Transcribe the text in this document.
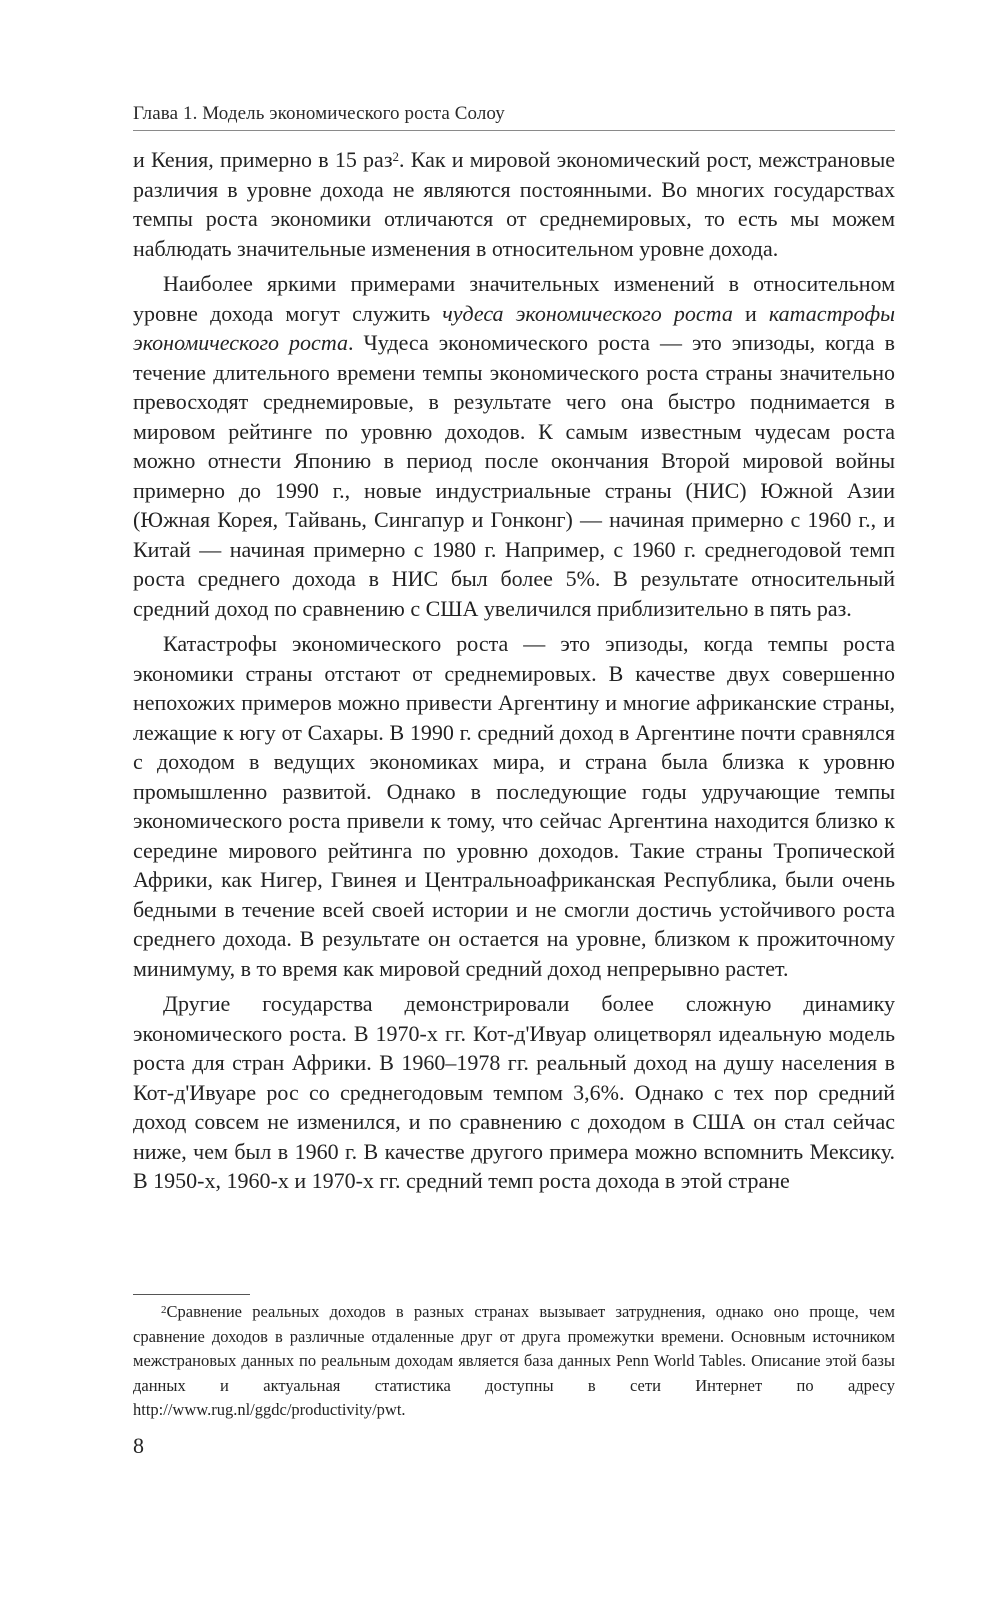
Глава 1. Модель экономического роста Солоу

и Кения, примерно в 15 раз$^2$. Как и мировой экономический рост, межстрановые различия в уровне дохода не являются постоянными. Во многих государствах темпы роста экономики отличаются от среднемировых, то есть мы можем наблюдать значительные изменения в относительном уровне дохода.

Наиболее яркими примерами значительных изменений в относительном уровне дохода могут служить чудеса экономического роста и катастрофы экономического роста. Чудеса экономического роста — это эпизоды, когда в течение длительного времени темпы экономического роста страны значительно превосходят среднемировые, в результате чего она быстро поднимается в мировом рейтинге по уровню доходов. К самым известным чудесам роста можно отнести Японию в период после окончания Второй мировой войны примерно до 1990 г., новые индустриальные страны (НИС) Южной Азии (Южная Корея, Тайвань, Сингапур и Гонконг) — начиная примерно с 1960 г., и Китай — начиная примерно с 1980 г. Например, с 1960 г. среднегодовой темп роста среднего дохода в НИС был более 5%. В результате относительный средний доход по сравнению с США увеличился приблизительно в пять раз.

Катастрофы экономического роста — это эпизоды, когда темпы роста экономики страны отстают от среднемировых. В качестве двух совершенно непохожих примеров можно привести Аргентину и многие африканские страны, лежащие к югу от Сахары. В 1990 г. средний доход в Аргентине почти сравнялся с доходом в ведущих экономиках мира, и страна была близка к уровню промышленно развитой. Однако в последующие годы удручающие темпы экономического роста привели к тому, что сейчас Аргентина находится близко к середине мирового рейтинга по уровню доходов. Такие страны Тропической Африки, как Нигер, Гвинея и Центральноафриканская Республика, были очень бедными в течение всей своей истории и не смогли достичь устойчивого роста среднего дохода. В результате он остается на уровне, близком к прожиточному минимуму, в то время как мировой средний доход непрерывно растет.

Другие государства демонстрировали более сложную динамику экономического роста. В 1970-х гг. Кот-д'Ивуар олицетворял идеальную модель роста для стран Африки. В 1960–1978 гг. реальный доход на душу населения в Кот-д'Ивуаре рос со среднегодовым темпом 3,6%. Однако с тех пор средний доход совсем не изменился, и по сравнению с доходом в США он стал сейчас ниже, чем был в 1960 г. В качестве другого примера можно вспомнить Мексику. В 1950-х, 1960-х и 1970-х гг. средний темп роста дохода в этой стране

$^2$Сравнение реальных доходов в разных странах вызывает затруднения, однако оно проще, чем сравнение доходов в различные отдаленные друг от друга промежутки времени. Основным источником межстрановых данных по реальным доходам является база данных Penn World Tables. Описание этой базы данных и актуальная статистика доступны в сети Интернет по адресу http://www.rug.nl/ggdc/productivity/pwt.

8
